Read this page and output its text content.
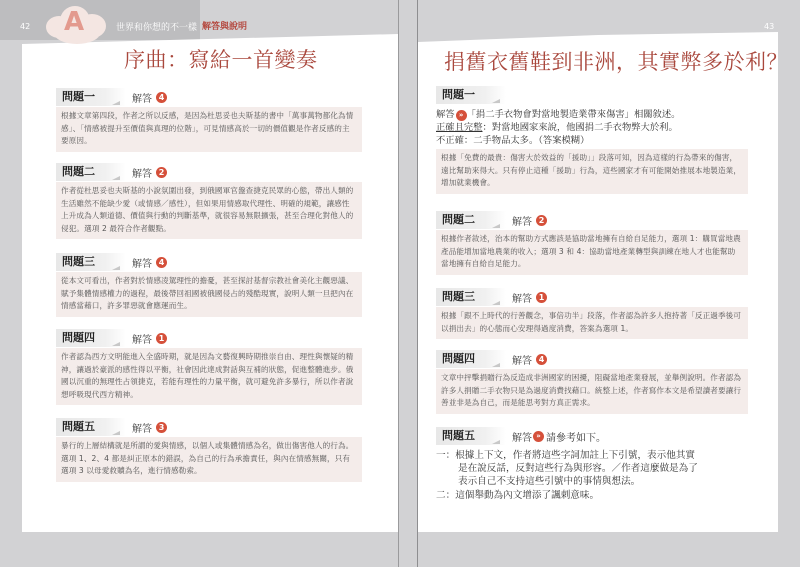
42	43
A	世界和你想的不一樣 解答與說明
序曲：寫給一首變奏	捐舊衣舊鞋到非洲，其實弊多於利？
問題一	解答 4
根據文章第四段，作者之所以反感，是因為杜思妥也夫斯基的書中「萬事萬物都化為情感」、「情感被提升至價值與真理的位階」，可見情感高於一切的價值觀是作者反感的主要原因。
問題二	解答 2
作者從杜思妥也夫斯基的小說氛圍出發，到俄國軍官盤查捷克民眾的心態，帶出人類的生活雖然不能缺少愛（或情感／感性），但如果用情感取代理性、明確的規範，讓感性上升成為人類道德、價值與行動的判斷基準，就很容易無限擴張，甚至合理化對他人的侵犯。選項 2 最符合作者觀點。
問題三	解答 4
從本文可看出，作者對於情感凌駕理性的擔憂，甚至探討基督宗教社會美化主觀惡議、賦予集體情感權力的過程，最後帶回祖國被俄國侵占的殘酷現實，說明人類一旦把內在情感當藉口，許多罪惡就會應運而生。
問題四	解答 1
作者認為西方文明能進入全盛時期，就是因為文藝復興時期推崇自由、理性與懷疑的精神，讓過於豪派的感性得以平衡，社會因此達成對話與互補的狀態，促進整體進步。俄國以沉重的無理性占領捷克，若能有理性的力量平衡，就可避免許多暴行，所以作者說想呼吸現代西方精神。
問題五	解答 3
暴行的上層結構就是所謂的愛與情感，以個人或集體情感為名，做出傷害他人的行為。選項 1、2、4 都是糾正原本的錯誤，為自己的行為承擔責任，與內在情感無關，只有選項 3 以母愛救贖為名，進行情感勒索。
問題一
解答 » 「捐二手衣物會對當地製造業帶來傷害」相關敘述。
正確且完整：對當地國家來說，他國捐二手衣物弊大於利。
不正確：二手物品太多。（答案模糊）
根據「免費的最貴：傷害大於效益的「援助」」段落可知，因為這樣的行為帶來的傷害，遠比幫助來得大。只有停止這種「援助」行為，這些國家才有可能開始推展本地製造業，增加就業機會。
問題二	解答 2
根據作者敘述，治本的幫助方式應該是協助當地擁有自給自足能力，選項 1：購買當地農產品能增加當地農業的收入；選項 3 和 4：協助當地產業轉型與訓練在地人才也能幫助當地擁有自給自足能力。
問題三	解答 1
根據「跟不上時代的行善觀念，事倍功半」段落，作者認為許多人抱持著「反正過季後可以捐出去」的心態而心安理得過度消費，答案為選項 1。
問題四	解答 4
文章中抨擊捐贈行為反造成非洲國家的困擾，阻礙當地產業發展，並舉例說明。作者認為許多人捐贈二手衣物只是為過度消費找藉口。統整上述，作者寫作本文是希望讀者要讓行善並非是為自己，而是能思考對方真正需求。
問題五	解答 » 請參考如下。
一：根據上下文，作者將這些字詞加註上下引號，表示他其實
是在說反話，反對這些行為與形容。／作者這麼做是為了
表示自己不支持這些引號中的事情與想法。
二：這個舉動為內文增添了諷刺意味。
